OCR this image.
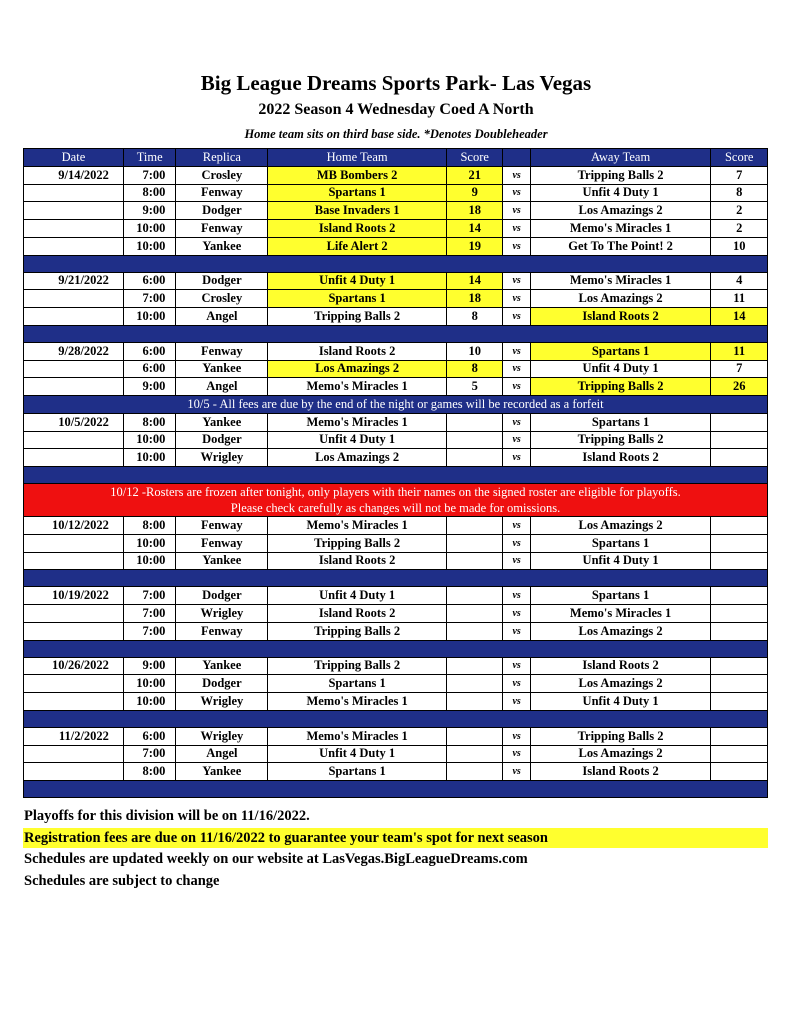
Big League Dreams Sports Park- Las Vegas
2022 Season 4 Wednesday Coed A North
Home team sits on third base side. *Denotes Doubleheader
Date	Time	Replica	Home Team	Score		Away Team	Score
9/14/2022	7:00	Crosley	MB Bombers 2	21	vs	Tripping Balls 2	7
	8:00	Fenway	Spartans 1	9	vs	Unfit 4 Duty 1	8
	9:00	Dodger	Base Invaders 1	18	vs	Los Amazings 2	2
	10:00	Fenway	Island Roots 2	14	vs	Memo's Miracles 1	2
	10:00	Yankee	Life Alert 2	19	vs	Get To The Point! 2	10

9/21/2022	6:00	Dodger	Unfit 4 Duty 1	14	vs	Memo's Miracles 1	4
	7:00	Crosley	Spartans 1	18	vs	Los Amazings 2	11
	10:00	Angel	Tripping Balls 2	8	vs	Island Roots 2	14

9/28/2022	6:00	Fenway	Island Roots 2	10	vs	Spartans 1	11
	6:00	Yankee	Los Amazings 2	8	vs	Unfit 4 Duty 1	7
	9:00	Angel	Memo's Miracles 1	5	vs	Tripping Balls 2	26
10/5 - All fees are due by the end of the night or games will be recorded as a forfeit							
10/5/2022	8:00	Yankee	Memo's Miracles 1		vs	Spartans 1	
	10:00	Dodger	Unfit 4 Duty 1		vs	Tripping Balls 2	
	10:00	Wrigley	Los Amazings 2		vs	Island Roots 2	

10/12 -Rosters are frozen after tonight, only players with their names on the signed roster are eligible for playoffs.
Please check carefully as changes will not be made for omissions.							

10/12/2022	8:00	Fenway	Memo's Miracles 1		vs	Los Amazings 2	
	10:00	Fenway	Tripping Balls 2		vs	Spartans 1	
	10:00	Yankee	Island Roots 2		vs	Unfit 4 Duty 1	

10/19/2022	7:00	Dodger	Unfit 4 Duty 1		vs	Spartans 1	
	7:00	Wrigley	Island Roots 2		vs	Memo's Miracles 1	
	7:00	Fenway	Tripping Balls 2		vs	Los Amazings 2	

10/26/2022	9:00	Yankee	Tripping Balls 2		vs	Island Roots 2	
	10:00	Dodger	Spartans 1		vs	Los Amazings 2	
	10:00	Wrigley	Memo's Miracles 1		vs	Unfit 4 Duty 1	

11/2/2022	6:00	Wrigley	Memo's Miracles 1		vs	Tripping Balls 2	
	7:00	Angel	Unfit 4 Duty 1		vs	Los Amazings 2	
	8:00	Yankee	Spartans 1		vs	Island Roots 2	

Playoffs for this division will be on 11/16/2022.
Registration fees are due on 11/16/2022 to guarantee your team's spot for next season
Schedules are updated weekly on our website at LasVegas.BigLeagueDreams.com
Schedules are subject to change
